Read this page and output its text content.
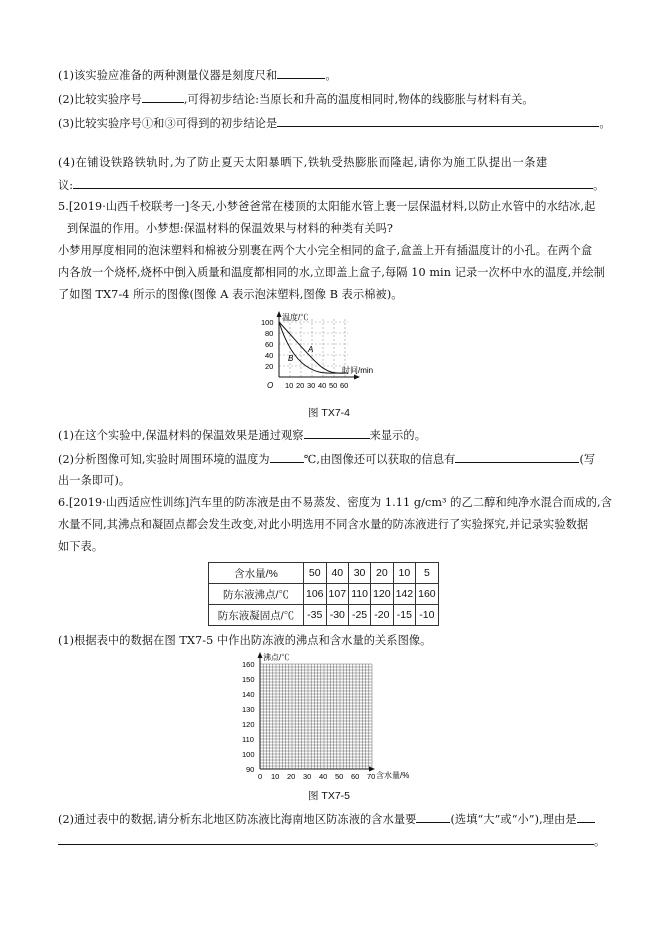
(1)该实验应准备的两种测量仪器是刻度尺和	。
(2)比较实验序号	,可得初步结论:当原长和升高的温度相同时,物体的线膨胀与材料有关。
(3)比较实验序号①和③可得到的初步结论是	。
(4)在铺设铁路铁轨时,为了防止夏天太阳暴晒下,铁轨受热膨胀而隆起,请你为施工队提出一条建
议:	。
5.[2019·山西千校联考一]冬天,小梦爸爸常在楼顶的太阳能水管上裹一层保温材料,以防止水管中的水结冰,起
到保温的作用。小梦想:保温材料的保温效果与材料的种类有关吗?
小梦用厚度相同的泡沫塑料和棉被分别裹在两个大小完全相同的盒子,盒盖上开有插温度计的小孔。在两个盒
内各放一个烧杯,烧杯中倒入质量和温度都相同的水,立即盖上盒子,每隔 10 min 记录一次杯中水的温度,并绘制
了如图 TX7-4 所示的图像(图像 A 表示泡沫塑料,图像 B 表示棉被)。
温度/℃
时间/min
100
80
60
40
20
O 10 20 30 40 50 60
A
B
图 TX7-4
(1)在这个实验中,保温材料的保温效果是通过观察	来显示的。
(2)分析图像可知,实验时周围环境的温度为	℃,由图像还可以获取的信息有	(写
出一条即可)。
6.[2019·山西适应性训练]汽车里的防冻液是由不易蒸发、密度为 1.11 g/cm³ 的乙二醇和纯净水混合而成的,含
水量不同,其沸点和凝固点都会发生改变,对此小明选用不同含水量的防冻液进行了实验探究,并记录实验数据
如下表。
含水量/%	50	40	30	20	10	5
防东液沸点/℃	106	107	110	120	142	160
防东液凝固点/℃	-35	-30	-25	-20	-15	-10
(1)根据表中的数据在图 TX7-5 中作出防冻液的沸点和含水量的关系图像。
沸点/℃
含水量/%
160
150
140
130
120
110
100
90
0 10 20 30 40 50 60 70
图 TX7-5
(2)通过表中的数据,请分析东北地区防冻液比海南地区防冻液的含水量要	(选填“大”或“小”),理由是
。
